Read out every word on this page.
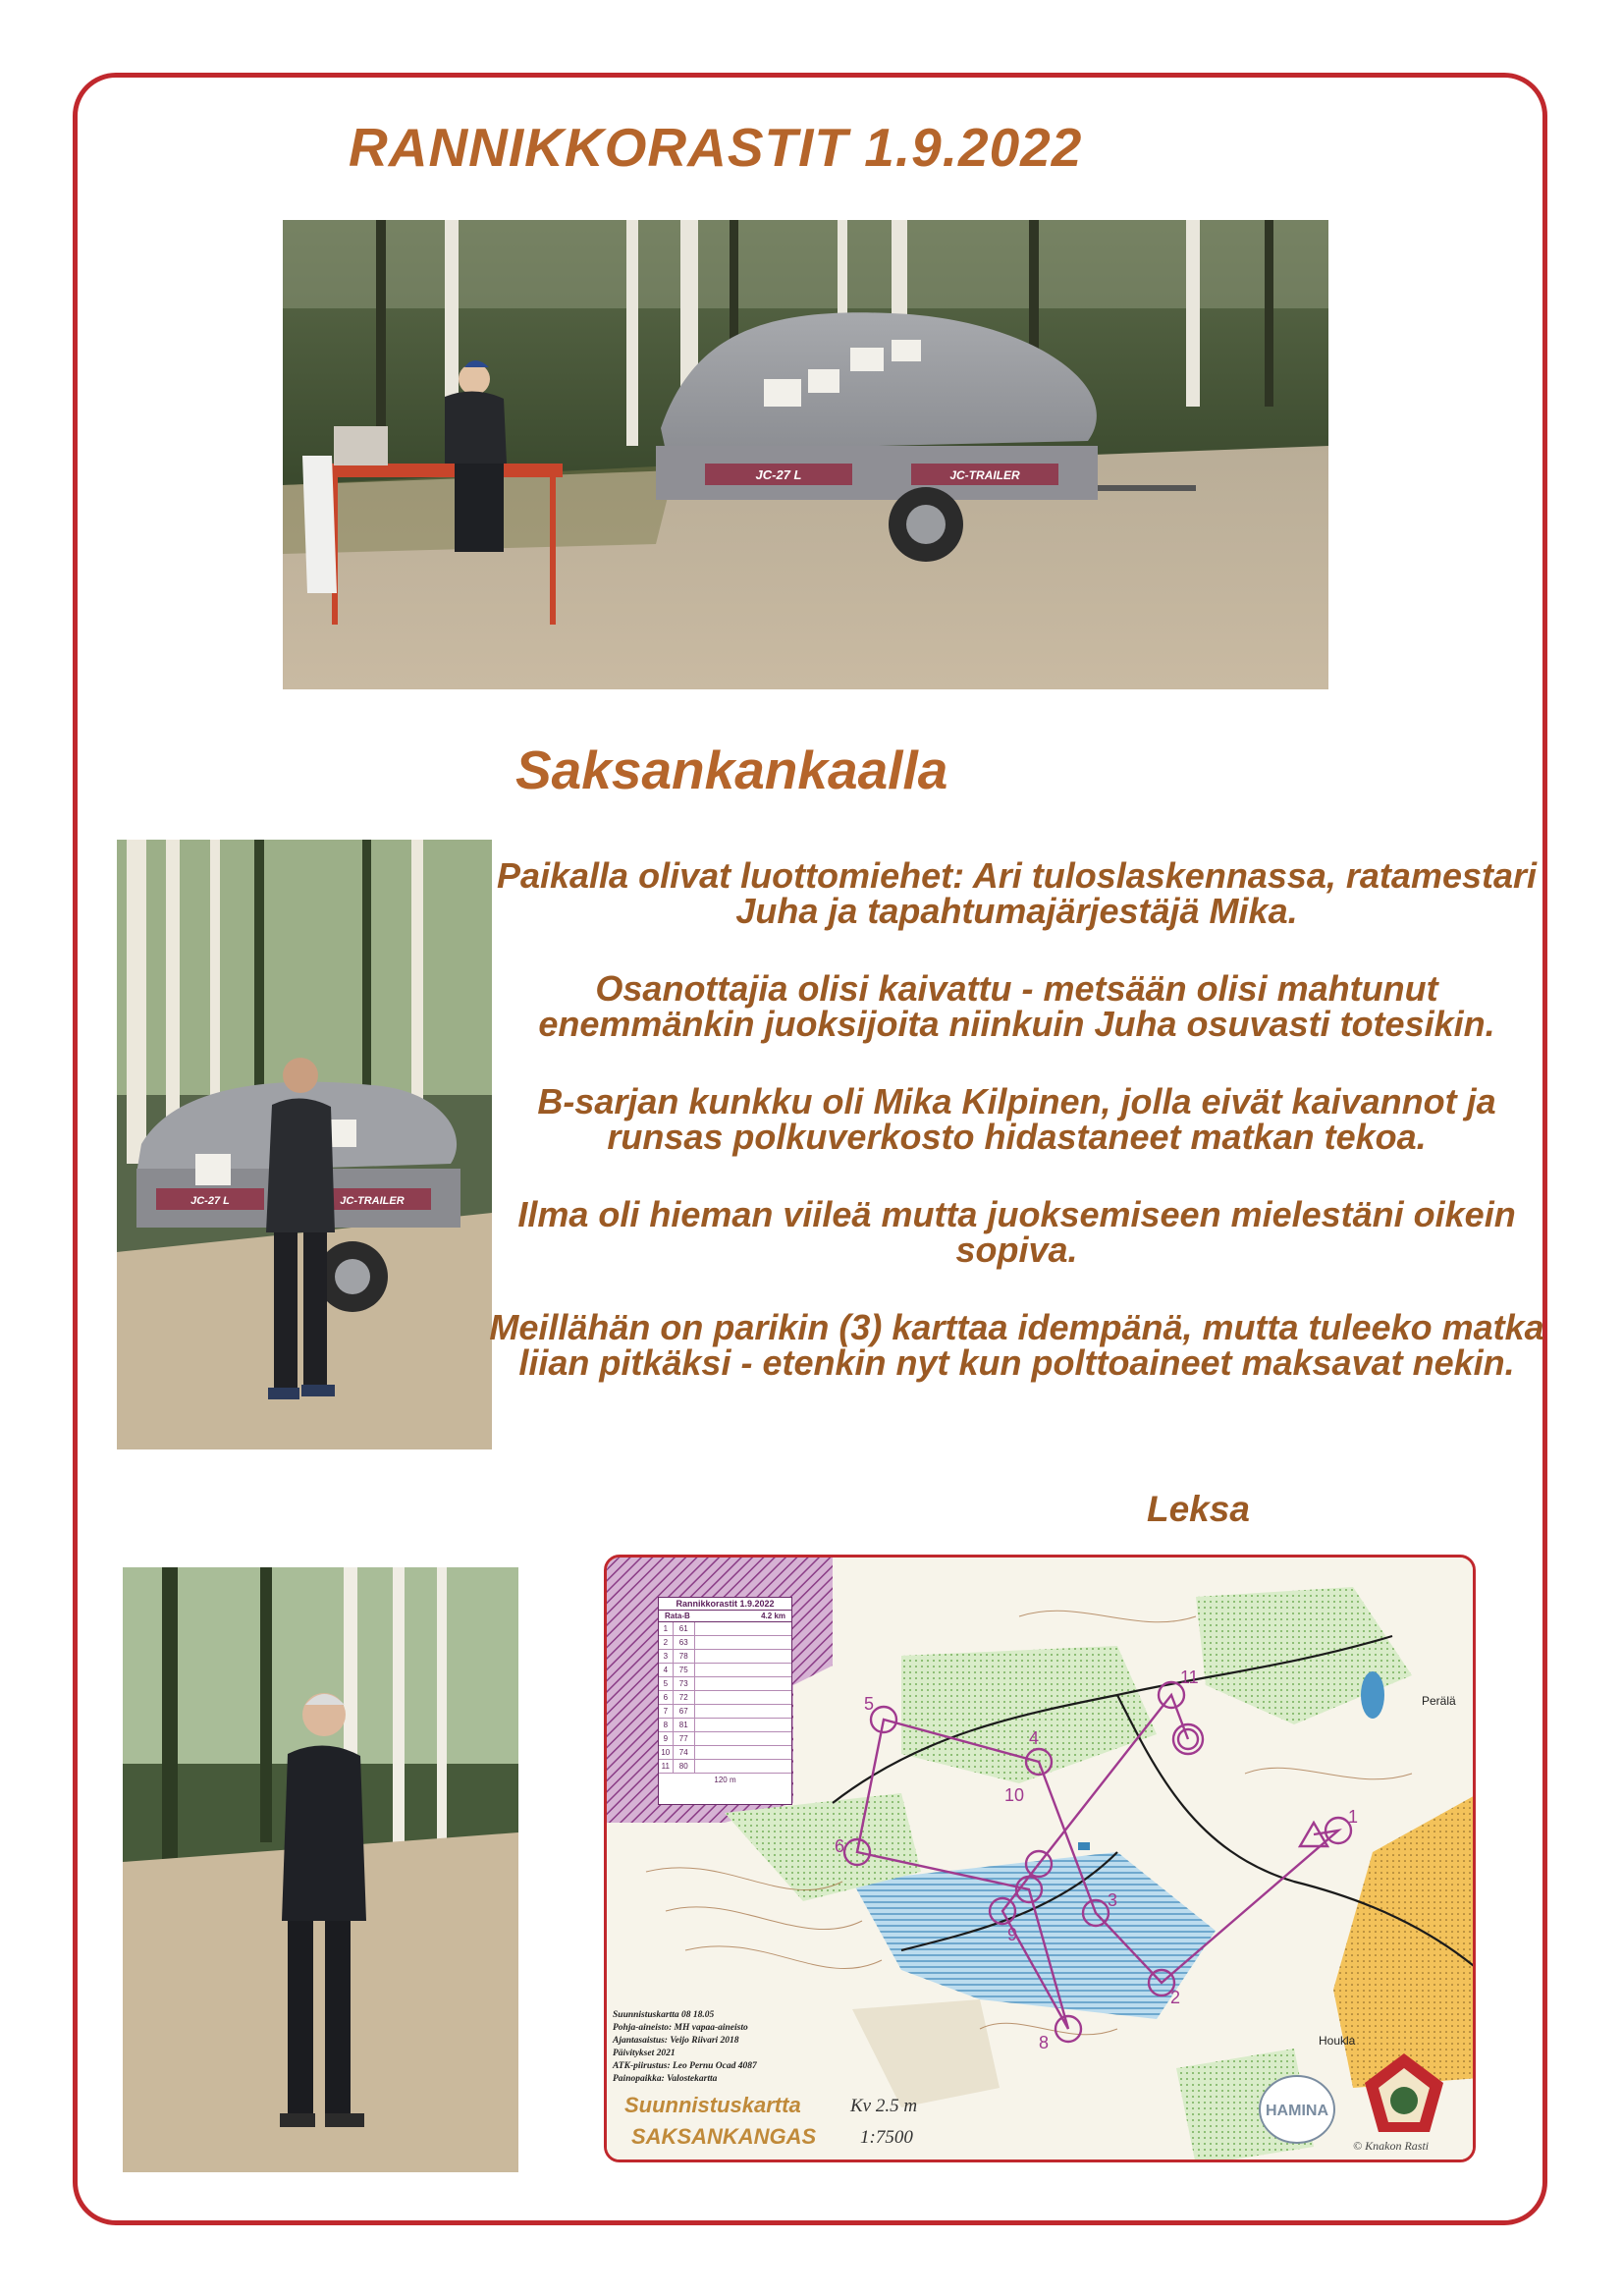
RANNIKKORASTIT 1.9.2022
JC-27 L	JC-TRAILER
Saksankankaalla
JC-27 L	JC-TRAILER

Paikalla olivat luottomiehet: Ari tuloslaskennassa, ratamestari Juha ja tapahtumajärjestäjä Mika.

Osanottajia olisi kaivattu - metsään olisi mahtunut enemmänkin juoksijoita niinkuin Juha osuvasti totesikin.

B-sarjan kunkku oli Mika Kilpinen, jolla eivät kaivannot ja runsas polkuverkosto hidastaneet matkan tekoa.

Ilma oli hieman viileä mutta juoksemiseen mielestäni oikein sopiva.

Meillähän on parikin (3) karttaa idempänä, mutta tuleeko matka liian pitkäksi - etenkin nyt kun polttoaineet maksavat nekin.

Leksa
1
2
3
4
5
6
8
9
10
11
Perälä
Houkla
HAMINA
Rannikkorastit 1.9.2022
Rata-B	4.2 km
1	61
2	63
3	78
4	75
5	73
6	72
7	67
8	81
9	77
10	74
11	80
120 m
Suunnistuskartta 08 18.05
Pohja-aineisto: MH vapaa-aineisto
Ajantasaistus: Veijo Riivari 2018
Päivitykset 2021
ATK-piirustus: Leo Pernu Ocad 4087
Painopaikka: Valostekartta
Suunnistuskartta
SAKSANKANGAS
Kv 2.5 m
1:7500	© Knakon Rasti
